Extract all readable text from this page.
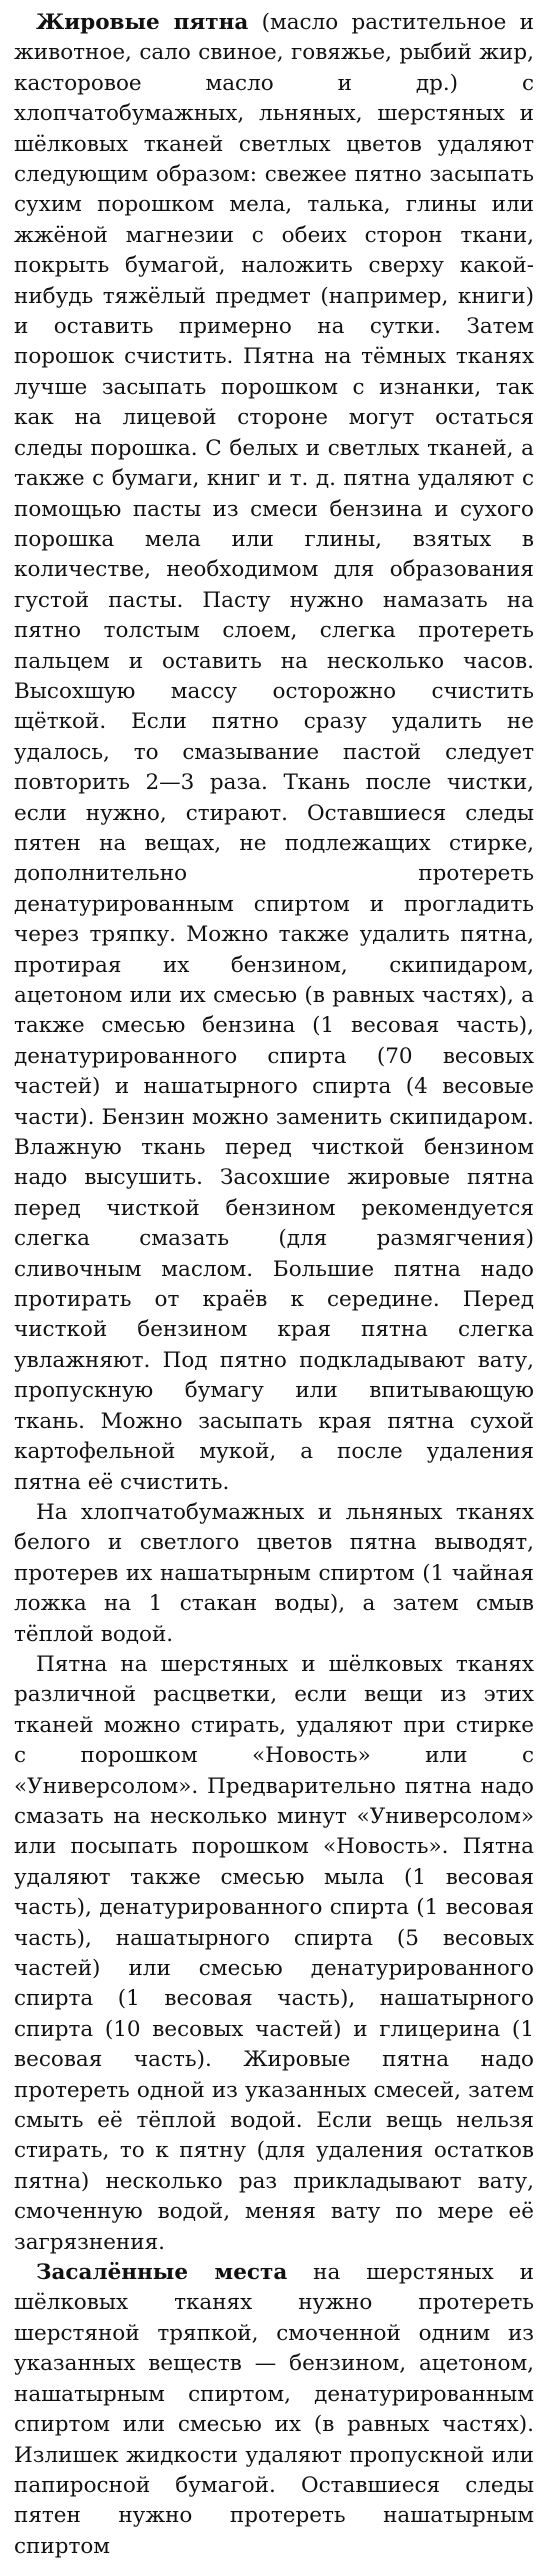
Жировые пятна (масло растительное и животное, сало свиное, говяжье, рыбий жир, касторовое масло и др.) с хлопчатобумажных, льняных, шерстяных и шёлковых тканей светлых цветов удаляют следующим образом: свежее пятно засыпать сухим порошком мела, талька, глины или жжёной магнезии с обеих сторон ткани, покрыть бумагой, наложить сверху какой-нибудь тяжёлый предмет (например, книги) и оставить примерно на сутки. Затем порошок счистить. Пятна на тёмных тканях лучше засыпать порошком с изнанки, так как на лицевой стороне могут остаться следы порошка. С белых и светлых тканей, а также с бумаги, книг и т. д. пятна удаляют с помощью пасты из смеси бензина и сухого порошка мела или глины, взятых в количестве, необходимом для образования густой пасты. Пасту нужно намазать на пятно толстым слоем, слегка протереть пальцем и оставить на несколько часов. Высохшую массу осторожно счистить щёткой. Если пятно сразу удалить не удалось, то смазывание пастой следует повторить 2—3 раза. Ткань после чистки, если нужно, стирают. Оставшиеся следы пятен на вещах, не подлежащих стирке, дополнительно протереть денатурированным спиртом и прогладить через тряпку. Можно также удалить пятна, протирая их бензином, скипидаром, ацетоном или их смесью (в равных частях), а также смесью бензина (1 весовая часть), денатурированного спирта (70 весовых частей) и нашатырного спирта (4 весовые части). Бензин можно заменить скипидаром. Влажную ткань перед чисткой бензином надо высушить. Засохшие жировые пятна перед чисткой бензином рекомендуется слегка смазать (для размягчения) сливочным маслом. Большие пятна надо протирать от краёв к середине. Перед чисткой бензином края пятна слегка увлажняют. Под пятно подкладывают вату, пропускную бумагу или впитывающую ткань. Можно засыпать края пятна сухой картофельной мукой, а после удаления пятна её счистить.

На хлопчатобумажных и льняных тканях белого и светлого цветов пятна выводят, протерев их нашатырным спиртом (1 чайная ложка на 1 стакан воды), а затем смыв тёплой водой.

Пятна на шерстяных и шёлковых тканях различной расцветки, если вещи из этих тканей можно стирать, удаляют при стирке с порошком «Новость» или с «Универсолом». Предварительно пятна надо смазать на несколько минут «Универсолом» или посыпать порошком «Новость». Пятна удаляют также смесью мыла (1 весовая часть), денатурированного спирта (1 весовая часть), нашатырного спирта (5 весовых частей) или смесью денатурированного спирта (1 весовая часть), нашатырного спирта (10 весовых частей) и глицерина (1 весовая часть). Жировые пятна надо протереть одной из указанных смесей, затем смыть её тёплой водой. Если вещь нельзя стирать, то к пятну (для удаления остатков пятна) несколько раз прикладывают вату, смоченную водой, меняя вату по мере её загрязнения.

Засалённые места на шерстяных и шёлковых тканях нужно протереть шерстяной тряпкой, смоченной одним из указанных веществ — бензином, ацетоном, нашатырным спиртом, денатурированным спиртом или смесью их (в равных частях). Излишек жидкости удаляют пропускной или папиросной бумагой. Оставшиеся следы пятен нужно протереть нашатырным спиртом
